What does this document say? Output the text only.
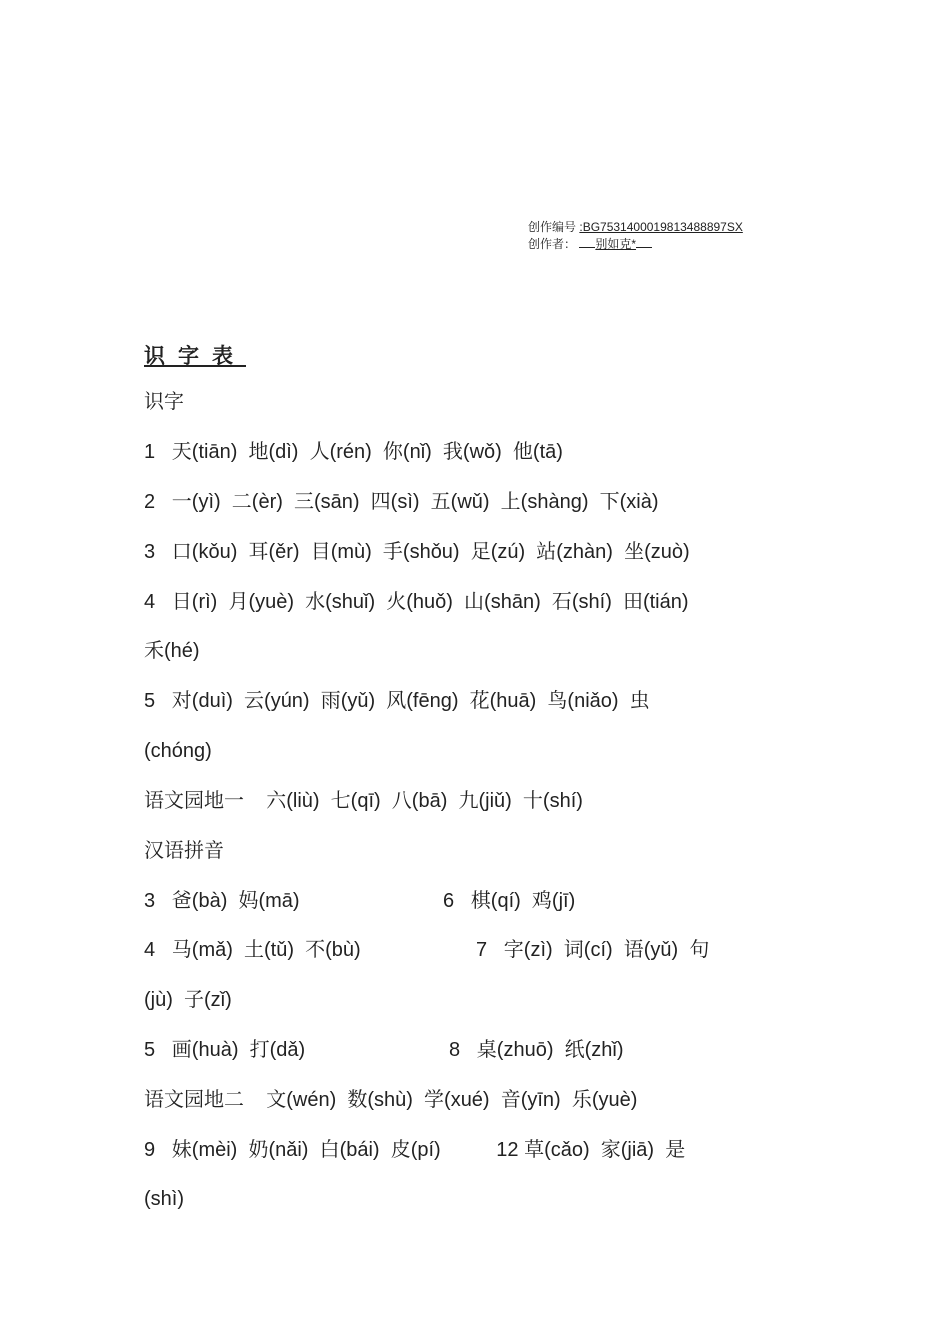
创作编号 :BG7531400019813488897SX
创作者： 别如克*
识字表
识字
1   天(tiān)  地(dì)  人(rén)  你(nǐ)  我(wǒ)  他(tā)
2   一(yì)  二(èr)  三(sān)  四(sì)  五(wǔ)  上(shàng)  下(xià)
3   口(kǒu)  耳(ěr)  目(mù)  手(shǒu)  足(zú)  站(zhàn)  坐(zuò)
4   日(rì)  月(yuè)  水(shuǐ)  火(huǒ)  山(shān)  石(shí)  田(tián)
禾(hé)
5   对(duì)  云(yún)  雨(yǔ)  风(fēng)  花(huā)  鸟(niǎo)  虫
(chóng)
语文园地一    六(liù)  七(qī)  八(bā)  九(jiǔ)  十(shí)
汉语拼音
3   爸(bà)  妈(mā)	6   棋(qí)  鸡(jī)
4   马(mǎ)  土(tǔ)  不(bù)	7   字(zì)  词(cí)  语(yǔ)  句
(jù)  子(zǐ)
5   画(huà)  打(dǎ)	8   桌(zhuō)  纸(zhǐ)
语文园地二    文(wén)  数(shù)  学(xué)  音(yīn)  乐(yuè)
9   妹(mèi)  奶(nǎi)  白(bái)  皮(pí)          12 草(cǎo)  家(jiā)  是
(shì)
